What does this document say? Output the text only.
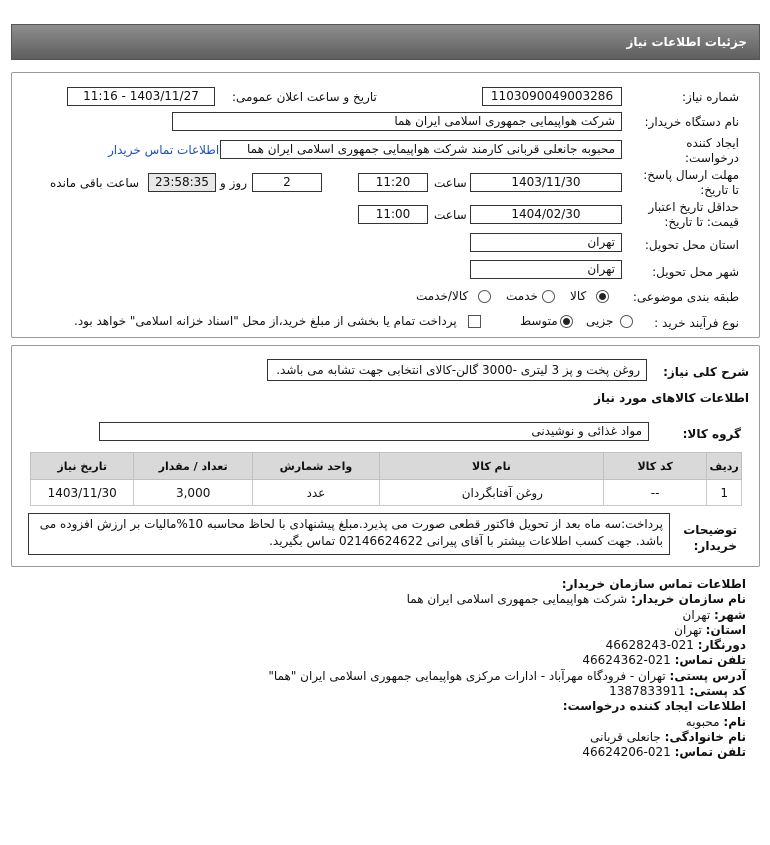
جزئیات اطلاعات نیاز
شماره نیاز:
1103090049003286
تاریخ و ساعت اعلان عمومی:
1403/11/27 - 11:16
نام دستگاه خریدار:
شرکت هواپیمایی جمهوری اسلامی ایران هما
ایجاد کننده
درخواست:
محبوبه جانعلی قربانی کارمند شرکت هواپیمایی جمهوری اسلامی ایران هما
اطلاعات تماس خریدار
مهلت ارسال پاسخ:
تا تاریخ:
1403/11/30
ساعت
11:20
2
روز و
23:58:35
ساعت باقی مانده
حداقل تاریخ اعتبار
قیمت: تا تاریخ:
1404/02/30
ساعت
11:00
استان محل تحویل:
تهران
شهر محل تحویل:
تهران
طبقه بندی موضوعی:
کالا
خدمت
کالا/خدمت
نوع فرآیند خرید :
جزیی
متوسط
پرداخت تمام یا بخشی از مبلغ خرید،از محل "اسناد خزانه اسلامی" خواهد بود.
شرح کلی نیاز:
روغن پخت و پز 3 لیتری -3000 گالن-کالای انتخابی جهت تشابه می باشد.
اطلاعات کالاهای مورد نیاز
گروه کالا:
مواد غذائی و نوشیدنی
ردیف	کد کالا	نام کالا	واحد شمارش	تعداد / مقدار	تاریخ نیاز
1	--	روغن آفتابگردان	عدد	3,000	1403/11/30
توضیحات
خریدار:
پرداخت:سه ماه بعد از تحویل فاکتور قطعی صورت می پذیرد.مبلغ پیشنهادی با لحاظ محاسبه 10%مالیات بر ارزش افزوده می باشد. جهت کسب اطلاعات بیشتر با آقای پیرانی 02146624622 تماس بگیرید.
اطلاعات تماس سازمان خریدار:
نام سازمان خریدار: شرکت هواپیمایی جمهوری اسلامی ایران هما
شهر: تهران
استان: تهران
دورنگار: 021-46628243
تلفن تماس: 021-46624362
آدرس پستی: تهران - فرودگاه مهرآباد - ادارات مرکزی هواپیمایی جمهوری اسلامی ایران "هما"
کد پستی: 1387833911
اطلاعات ایجاد کننده درخواست:
نام: محبوبه
نام خانوادگی: جانعلی قربانی
تلفن تماس: 021-46624206
